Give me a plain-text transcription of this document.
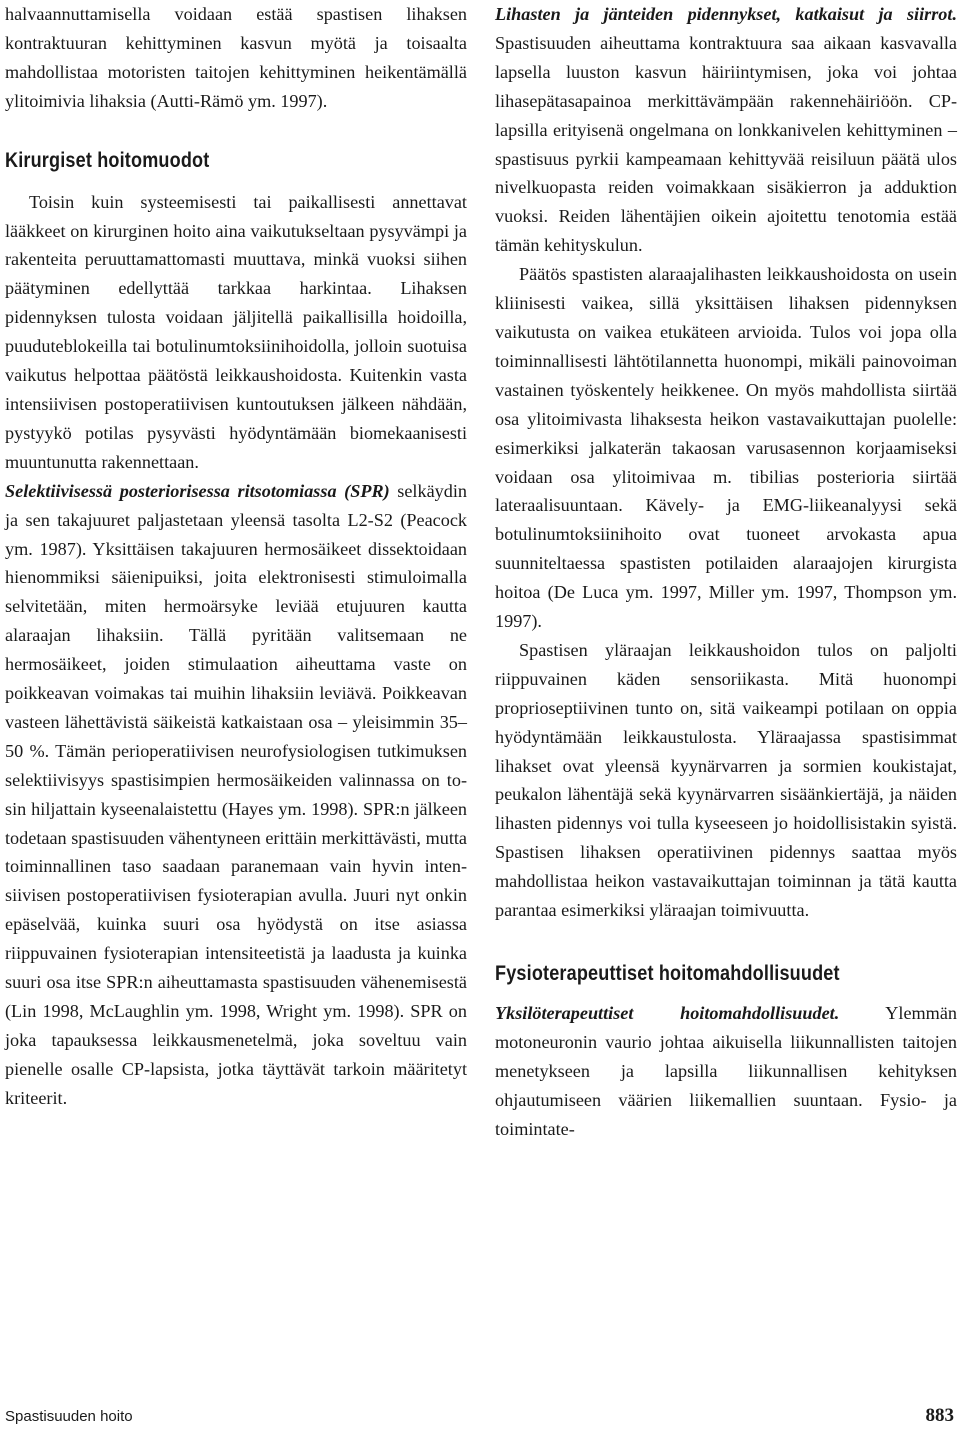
halvaannuttamisella voidaan estää spastisen lihaksen kontraktuuran kehittyminen kasvun myötä ja toisaalta mahdollistaa motoristen taitojen kehittyminen heikentämällä ylitoimivia lihaksia (Autti-Rämö ym. 1997).

Kirurgiset hoitomuodot

Toisin kuin systeemisesti tai paikallisesti annettavat lääkkeet on kirurginen hoito aina vaikutukseltaan pysyvämpi ja rakenteita peruuttamattomasti muuttava, minkä vuoksi siihen päätyminen edellyttää tarkkaa harkintaa. Lihaksen pidennyksen tulosta voidaan jäljitellä paikallisilla hoidoilla, puuduteblokeilla tai botulinumtoksiinihoidolla, jolloin suotuisa vaikutus helpottaa päätöstä leikkaushoidosta. Kuitenkin vasta intensiivisen postoperatiivisen kuntoutuksen jälkeen nähdään, pystyykö potilas pysyvästi hyödyntämään biomekaanisesti muuntunutta rakennettaan.

Selektiivisessä posteriorisessa ritsotomiassa (SPR) selkäydin ja sen takajuuret paljastetaan yleensä tasolta L2-S2 (Peacock ym. 1987). Yksittäisen takajuuren hermosäikeet dissektoidaan hienommiksi säienipuiksi, joita elektronisesti stimuloimalla selvitetään, miten hermoärsyke leviää etujuuren kautta alaraajan lihaksiin. Tällä pyritään valitsemaan ne hermosäikeet, joiden stimulaation aiheuttama vaste on poikkeavan voimakas tai muihin lihaksiin leviävä. Poikkeavan vasteen lähettävistä säikeistä katkaistaan osa – yleisimmin 35–50 %. Tämän perioperatiivisen neurofysiologisen tutkimuksen selektiivisyys spastisimpien hermosäikeiden valinnassa on tosin hiljattain kyseenalaistettu (Hayes ym. 1998). SPR:n jälkeen todetaan spastisuuden vähentyneen erittäin merkittävästi, mutta toiminnallinen taso saadaan paranemaan vain hyvin intensiivisen postoperatiivisen fysioterapian avulla. Juuri nyt onkin epäselvää, kuinka suuri osa hyödystä on itse asiassa riippuvainen fysioterapian intensiteetistä ja laadusta ja kuinka suuri osa itse SPR:n aiheuttamasta spastisuuden vähenemisestä (Lin 1998, McLaughlin ym. 1998, Wright ym. 1998). SPR on joka tapauksessa leikkausmenetelmä, joka soveltuu vain pienelle osalle CP-lapsista, jotka täyttävät tarkoin määritetyt kriteerit.

Lihasten ja jänteiden pidennykset, katkaisut ja siirrot. Spastisuuden aiheuttama kontraktuura saa aikaan kasvavalla lapsella luuston kasvun häiriintymisen, joka voi johtaa lihasepätasapainoa merkittävämpään rakennehäiriöön. CP-lapsilla erityisenä ongelmana on lonkkanivelen kehittyminen – spastisuus pyrkii kampeamaan kehittyvää reisiluun päätä ulos nivelkuopasta reiden voimakkaan sisäkierron ja adduktion vuoksi. Reiden lähentäjien oikein ajoitettu tenotomia estää tämän kehityskulun.

Päätös spastisten alaraajalihasten leikkaushoidosta on usein kliinisesti vaikea, sillä yksittäisen lihaksen pidennyksen vaikutusta on vaikea etukäteen arvioida. Tulos voi jopa olla toiminnallisesti lähtötilannetta huonompi, mikäli painovoiman vastainen työskentely heikkenee. On myös mahdollista siirtää osa ylitoimivasta lihaksesta heikon vastavaikuttajan puolelle: esimerkiksi jalkaterän takaosan varusasennon korjaamiseksi voidaan osa ylitoimivaa m. tibilias posterioria siirtää lateraalisuuntaan. Kävely- ja EMG-liikeanalyysi sekä botulinumtoksiinihoito ovat tuoneet arvokasta apua suunniteltaessa spastisten potilaiden alaraajojen kirurgista hoitoa (De Luca ym. 1997, Miller ym. 1997, Thompson ym. 1997).

Spastisen yläraajan leikkaushoidon tulos on paljolti riippuvainen käden sensoriikasta. Mitä huonompi proprioseptiivinen tunto on, sitä vaikeampi potilaan on oppia hyödyntämään leikkaustulosta. Yläraajassa spastisimmat lihakset ovat yleensä kyynärvarren ja sormien koukistajat, peukalon lähentäjä sekä kyynärvarren sisäänkiertäjä, ja näiden lihasten pidennys voi tulla kyseeseen jo hoidollisistakin syistä. Spastisen lihaksen operatiivinen pidennys saattaa myös mahdollistaa heikon vastavaikuttajan toiminnan ja tätä kautta parantaa esimerkiksi yläraajan toimivuutta.

Fysioterapeuttiset hoitomahdollisuudet

Yksilöterapeuttiset hoitomahdollisuudet. Ylemmän motoneuronin vaurio johtaa aikuisella liikunnallisten taitojen menetykseen ja lapsilla liikunnallisen kehityksen ohjautumiseen väärien liikemallien suuntaan. Fysio- ja toimintate-

Spastisuuden hoito	883
